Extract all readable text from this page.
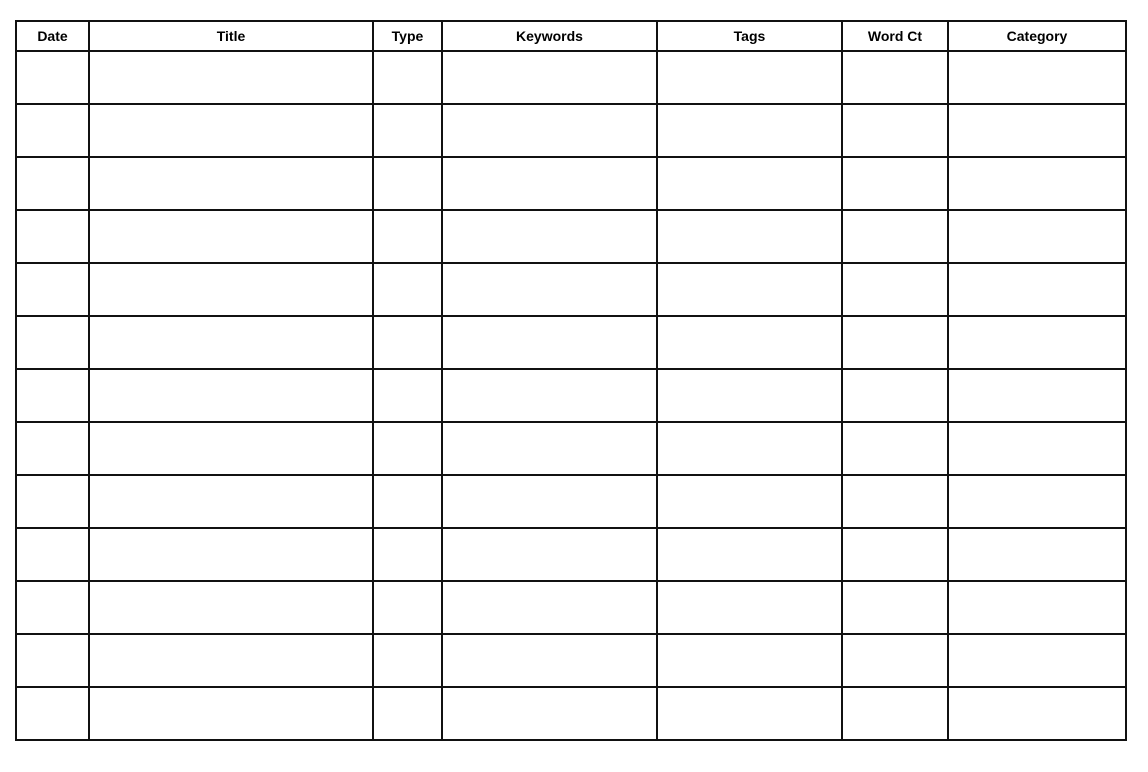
Date	Title	Type	Keywords	Tags	Word Ct	Category
